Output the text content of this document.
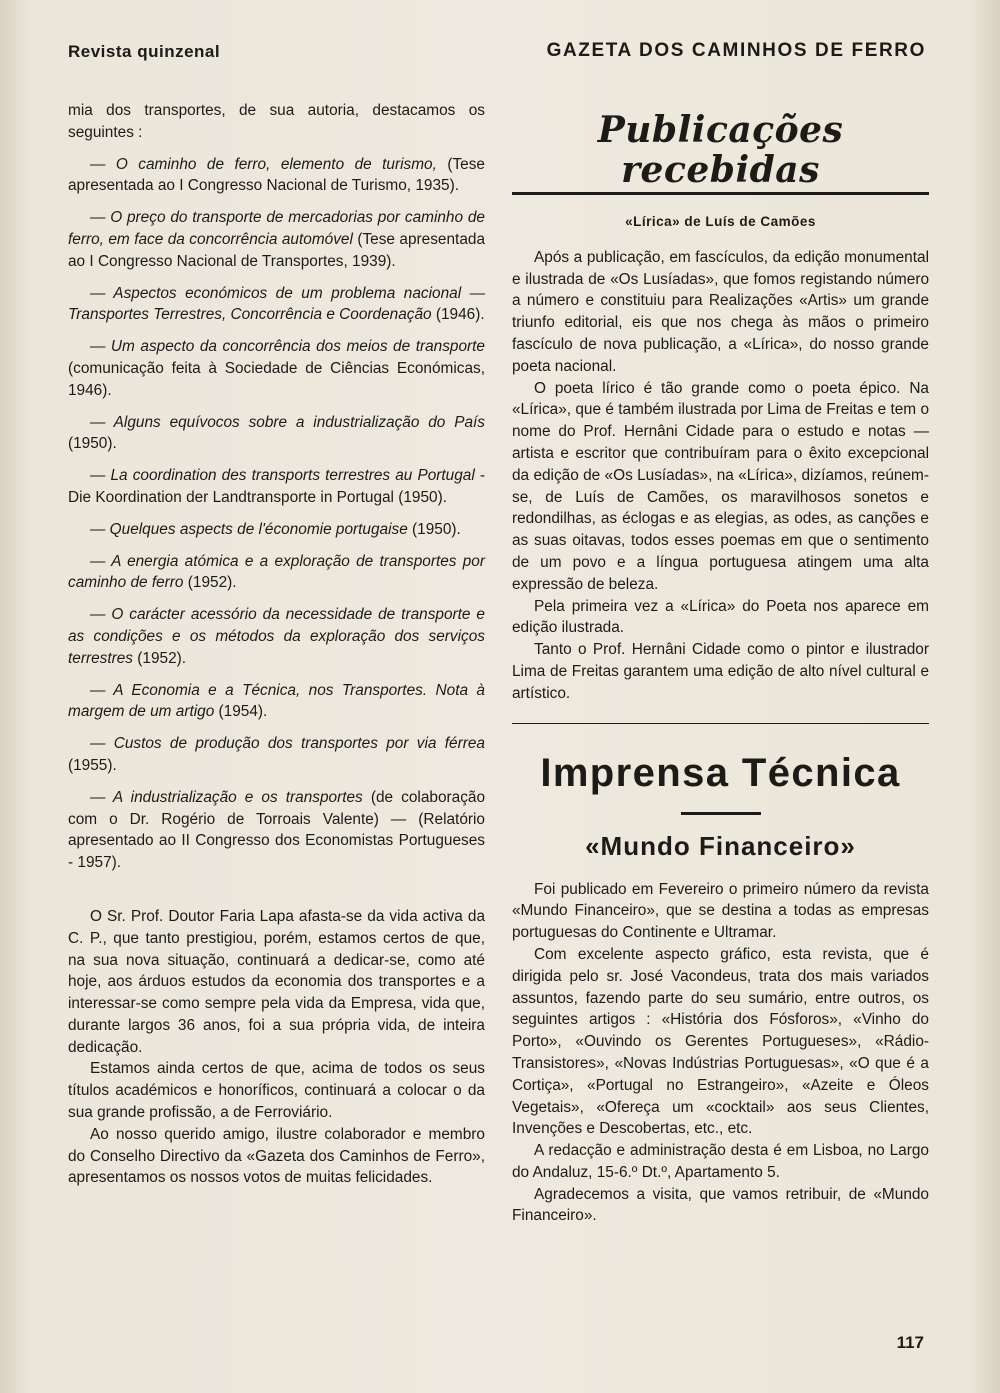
Revista quinzenal	GAZETA DOS CAMINHOS DE FERRO

mia dos transportes, de sua autoria, destacamos os seguintes :

— O caminho de ferro, elemento de turismo, (Tese apresentada ao I Congresso Nacional de Turismo, 1935).

— O preço do transporte de mercadorias por caminho de ferro, em face da concorrência automóvel (Tese apresentada ao I Congresso Nacional de Transportes, 1939).

— Aspectos económicos de um problema nacional — Transportes Terrestres, Concorrência e Coordenação (1946).

— Um aspecto da concorrência dos meios de transporte (comunicação feita à Sociedade de Ciências Económicas, 1946).

— Alguns equívocos sobre a industrialização do País (1950).

— La coordination des transports terrestres au Portugal - Die Koordination der Landtransporte in Portugal (1950).

— Quelques aspects de l'économie portugaise (1950).

— A energia atómica e a exploração de transportes por caminho de ferro (1952).

— O carácter acessório da necessidade de transporte e as condições e os métodos da exploração dos serviços terrestres (1952).

— A Economia e a Técnica, nos Transportes. Nota à margem de um artigo (1954).

— Custos de produção dos transportes por via férrea (1955).

— A industrialização e os transportes (de colaboração com o Dr. Rogério de Torroais Valente) — (Relatório apresentado ao II Congresso dos Economistas Portugueses - 1957).

O Sr. Prof. Doutor Faria Lapa afasta-se da vida activa da C. P., que tanto prestigiou, porém, estamos certos de que, na sua nova situação, continuará a dedicar-se, como até hoje, aos árduos estudos da economia dos transportes e a interessar-se como sempre pela vida da Empresa, vida que, durante largos 36 anos, foi a sua própria vida, de inteira dedicação.

Estamos ainda certos de que, acima de todos os seus títulos académicos e honoríficos, continuará a colocar o da sua grande profissão, a de Ferroviário.

Ao nosso querido amigo, ilustre colaborador e membro do Conselho Directivo da «Gazeta dos Caminhos de Ferro», apresentamos os nossos votos de muitas felicidades.

Publicações recebidas

«Lírica» de Luís de Camões

Após a publicação, em fascículos, da edição monumental e ilustrada de «Os Lusíadas», que fomos registando número a número e constituiu para Realizações «Artis» um grande triunfo editorial, eis que nos chega às mãos o primeiro fascículo de nova publicação, a «Lírica», do nosso grande poeta nacional.

O poeta lírico é tão grande como o poeta épico. Na «Lírica», que é também ilustrada por Lima de Freitas e tem o nome do Prof. Hernâni Cidade para o estudo e notas — artista e escritor que contribuíram para o êxito excepcional da edição de «Os Lusíadas», na «Lírica», dizíamos, reúnem-se, de Luís de Camões, os maravilhosos sonetos e redondilhas, as éclogas e as elegias, as odes, as canções e as suas oitavas, todos esses poemas em que o sentimento de um povo e a língua portuguesa atingem uma alta expressão de beleza.

Pela primeira vez a «Lírica» do Poeta nos aparece em edição ilustrada.

Tanto o Prof. Hernâni Cidade como o pintor e ilustrador Lima de Freitas garantem uma edição de alto nível cultural e artístico.

Imprensa Técnica

«Mundo Financeiro»

Foi publicado em Fevereiro o primeiro número da revista «Mundo Financeiro», que se destina a todas as empresas portuguesas do Continente e Ultramar.

Com excelente aspecto gráfico, esta revista, que é dirigida pelo sr. José Vacondeus, trata dos mais variados assuntos, fazendo parte do seu sumário, entre outros, os seguintes artigos : «História dos Fósforos», «Vinho do Porto», «Ouvindo os Gerentes Portugueses», «Rádio-Transistores», «Novas Indústrias Portuguesas», «O que é a Cortiça», «Portugal no Estrangeiro», «Azeite e Óleos Vegetais», «Ofereça um «cocktail» aos seus Clientes, Invenções e Descobertas, etc., etc.

A redacção e administração desta é em Lisboa, no Largo do Andaluz, 15-6.º Dt.º, Apartamento 5.

Agradecemos a visita, que vamos retribuir, de «Mundo Financeiro».

117
